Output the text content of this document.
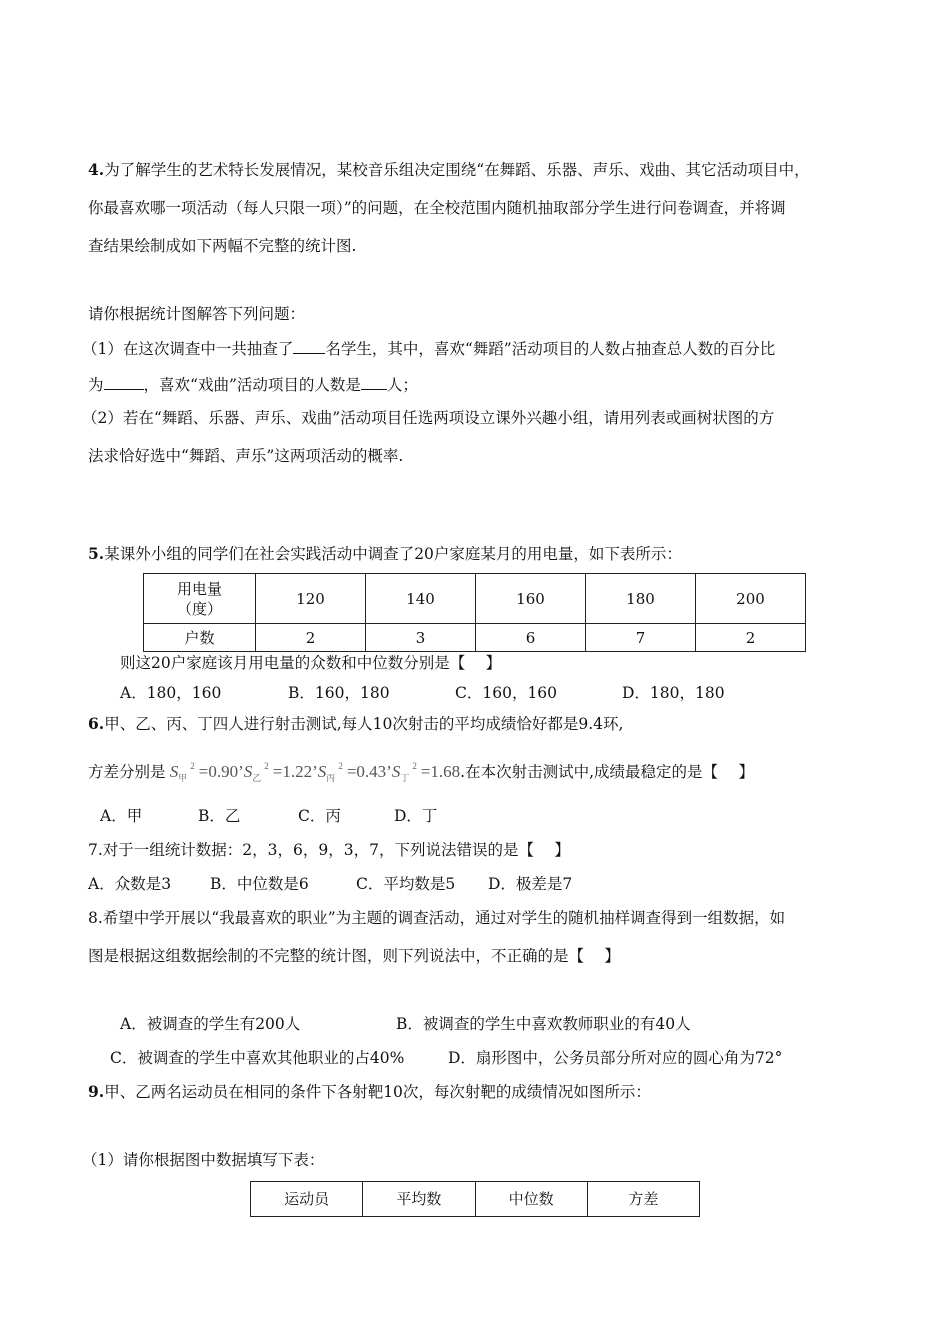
4.为了解学生的艺术特长发展情况，某校音乐组决定围绕“在舞蹈、乐器、声乐、戏曲、其它活动项目中，
你最喜欢哪一项活动（每人只限一项）”的问题，在全校范围内随机抽取部分学生进行问卷调查，并将调
查结果绘制成如下两幅不完整的统计图.
请你根据统计图解答下列问题：
（1）在这次调查中一共抽查了 名学生，其中，喜欢“舞蹈”活动项目的人数占抽查总人数的百分比
为	，喜欢“戏曲”活动项目的人数是 人；
（2）若在“舞蹈、乐器、声乐、戏曲”活动项目任选两项设立课外兴趣小组，请用列表或画树状图的方
法求恰好选中“舞蹈、声乐”这两项活动的概率.
5.某课外小组的同学们在社会实践活动中调查了20户家庭某月的用电量，如下表所示：
用电量
（度）	120	140	160	180	200
户数	2	3	6	7	2
则这20户家庭该月用电量的众数和中位数分别是【　 】
A．180，160	B．160，180	C．160，160	D．180，180
6.甲、乙、丙、丁四人进行射击测试,每人10次射击的平均成绩恰好都是9.4环,
方差分别是 $S_甲^2$ $=0.90’S_乙^2$ $=1.22’S_丙^2$ $=0.43’S_丁^2 =1.68$.在本次射击测试中,成绩最稳定的是【　 】
A．甲	B．乙	C．丙	D．丁
7.对于一组统计数据：2，3，6，9，3，7，下列说法错误的是【　 】
A．众数是3	B．中位数是6	C．平均数是5 D．极差是7
8.希望中学开展以“我最喜欢的职业”为主题的调查活动，通过对学生的随机抽样调查得到一组数据，如
图是根据这组数据绘制的不完整的统计图，则下列说法中，不正确的是【　 】
A．被调查的学生有200人	B．被调查的学生中喜欢教师职业的有40人
C．被调查的学生中喜欢其他职业的占40%	D．扇形图中，公务员部分所对应的圆心角为72°
9.甲、乙两名运动员在相同的条件下各射靶10次，每次射靶的成绩情况如图所示：
（1）请你根据图中数据填写下表：
运动员	平均数	中位数	方差
